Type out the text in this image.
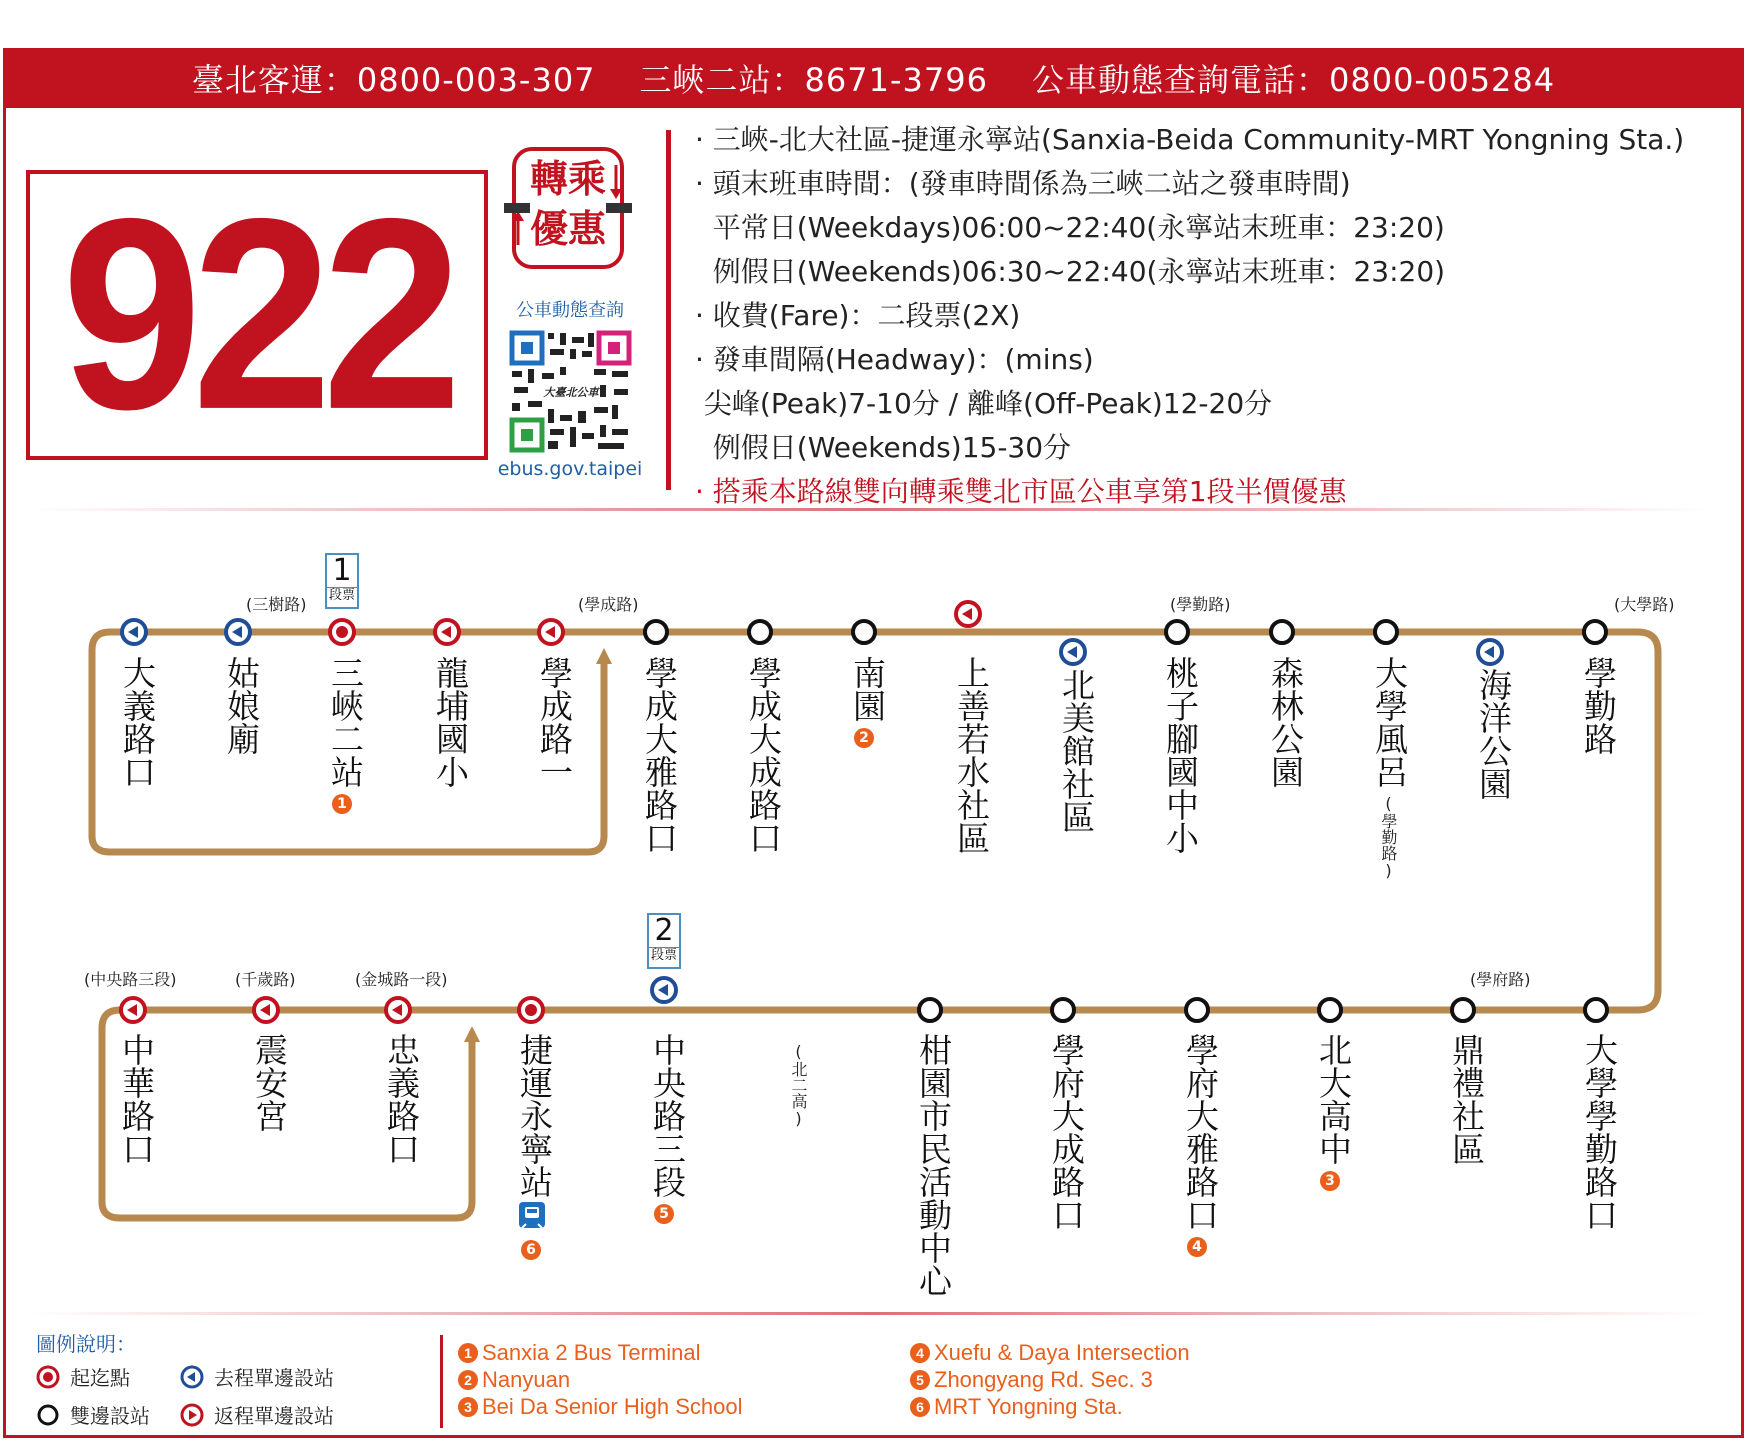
臺北客運：0800-003-307 三峽二站：8671-3796 公車動態查詢電話：0800-005284
922	轉乘
優惠
公車動態查詢
大臺北公車
ebus.gov.taipei
· 三峽-北大社區-捷運永寧站(Sanxia-Beida Community-MRT Yongning Sta.)
· 頭末班車時間：(發車時間係為三峽二站之發車時間)
平常日(Weekdays)06:00~22:40(永寧站末班車：23:20)
例假日(Weekends)06:30~22:40(永寧站末班車：23:20)
· 收費(Fare)：二段票(2X)
· 發車間隔(Headway)：(mins)
尖峰(Peak)7-10分 / 離峰(Off-Peak)12-20分
例假日(Weekends)15-30分
· 搭乘本路線雙向轉乘雙北市區公車享第1段半價優惠
1
段票
2
段票
大義路口 姑娘廟 三峽二站
1
(三樹路)
龍埔國小 學成路一 學成大雅路口
(學成路)
學成大成路口 南園
2	上善若水社區 北美館社區 桃子腳國中小
(學勤路)
森林公園 大學風呂
(學勤路)
海洋公園 學勤路
(大學路)
中華路口
(中央路三段)
震安宮
(千歲路)
忠義路口
(金城路一段)
捷運永寧站
6
中央路三段
5	柑園市民活動中心	學府大成路口	學府大雅路口
4
北大高中
3
鼎禮社區
(學府路)
大學學勤路口
(北二高)
圖例說明：
起迄點	去程單邊設站
雙邊設站	返程單邊設站
1 Sanxia 2 Bus Terminal
2 Nanyuan
3 Bei Da Senior High School
4 Xuefu & Daya Intersection
5 Zhongyang Rd. Sec. 3
6 MRT Yongning Sta.
